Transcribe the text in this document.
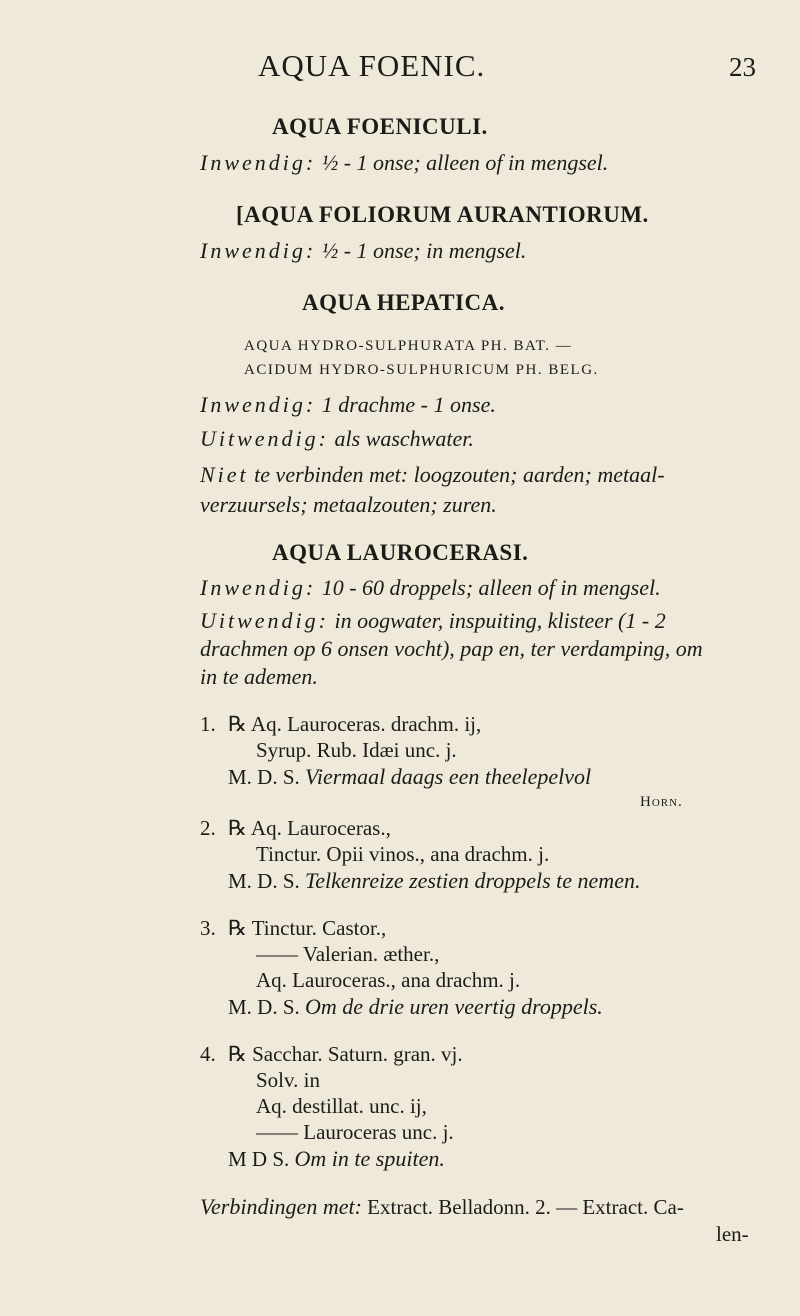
AQUA FOENIC.	23
AQUA FOENICULI.
Inwendig: ½ - 1 onse; alleen of in mengsel.
[AQUA FOLIORUM AURANTIORUM.
Inwendig: ½ - 1 onse; in mengsel.
AQUA HEPATICA.
AQUA HYDRO-SULPHURATA PH. BAT. —
ACIDUM HYDRO-SULPHURICUM PH. BELG.
Inwendig: 1 drachme - 1 onse.
Uitwendig: als waschwater.
Niet te verbinden met: loogzouten; aarden; metaal-
verzuursels; metaalzouten; zuren.
AQUA LAUROCERASI.
Inwendig: 10 - 60 droppels; alleen of in mengsel.
Uitwendig: in oogwater, inspuiting, klisteer (1 - 2
drachmen op 6 onsen vocht), pap en, ter verdamping, om
in te ademen.
1. ℞ Aq. Lauroceras. drachm. ij,
Syrup. Rub. Idæi unc. j.
M. D. S. Viermaal daags een theelepelvol
Horn.
2. ℞ Aq. Lauroceras.,
Tinctur. Opii vinos., ana drachm. j.
M. D. S. Telkenreize zestien droppels te nemen.
3. ℞ Tinctur. Castor.,
—— Valerian. æther.,
Aq. Lauroceras., ana drachm. j.
M. D. S. Om de drie uren veertig droppels.
4. ℞ Sacchar. Saturn. gran. vj.
Solv. in
Aq. destillat. unc. ij,
—— Lauroceras unc. j.
M D S. Om in te spuiten.
Verbindingen met: Extract. Belladonn. 2. — Extract. Ca-
len-
